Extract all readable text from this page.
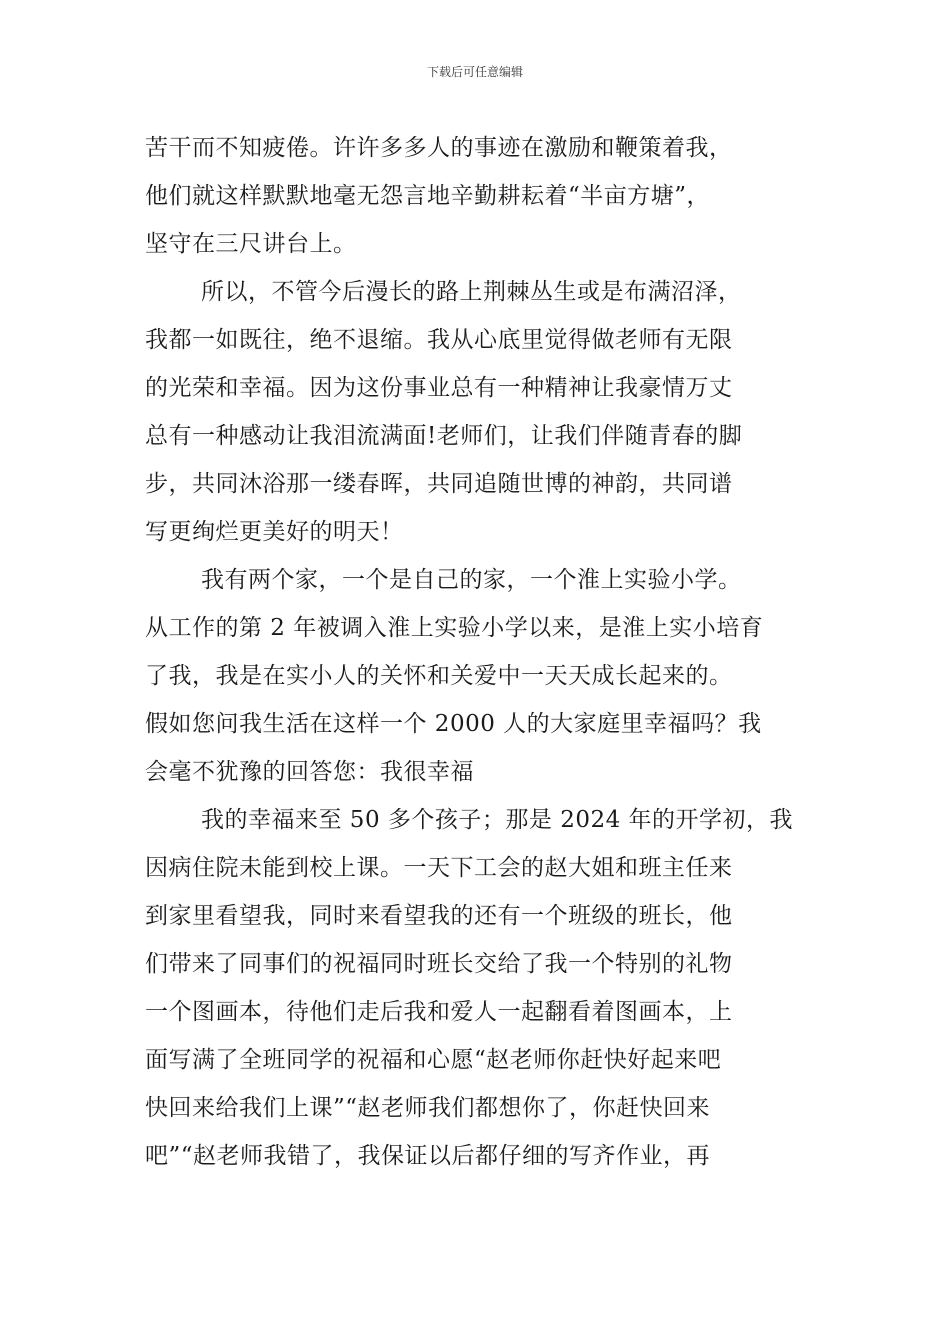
下载后可任意编辑
苦干而不知疲倦。许许多多人的事迹在激励和鞭策着我，
他们就这样默默地毫无怨言地辛勤耕耘着“半亩方塘”，
坚守在三尺讲台上。
所以，不管今后漫长的路上荆棘丛生或是布满沼泽，
我都一如既往，绝不退缩。我从心底里觉得做老师有无限
的光荣和幸福。因为这份事业总有一种精神让我豪情万丈
总有一种感动让我泪流满面!老师们，让我们伴随青春的脚
步，共同沐浴那一缕春晖，共同追随世博的神韵，共同谱
写更绚烂更美好的明天！
我有两个家，一个是自己的家，一个淮上实验小学。
从工作的第 2 年被调入淮上实验小学以来，是淮上实小培育
了我，我是在实小人的关怀和关爱中一天天成长起来的。
假如您问我生活在这样一个 2000 人的大家庭里幸福吗？我
会毫不犹豫的回答您：我很幸福
我的幸福来至 50 多个孩子；那是 2024 年的开学初，我
因病住院未能到校上课。一天下工会的赵大姐和班主任来
到家里看望我，同时来看望我的还有一个班级的班长，他
们带来了同事们的祝福同时班长交给了我一个特别的礼物
一个图画本，待他们走后我和爱人一起翻看着图画本，上
面写满了全班同学的祝福和心愿“赵老师你赶快好起来吧
快回来给我们上课”“赵老师我们都想你了，你赶快回来
吧”“赵老师我错了，我保证以后都仔细的写齐作业，再
